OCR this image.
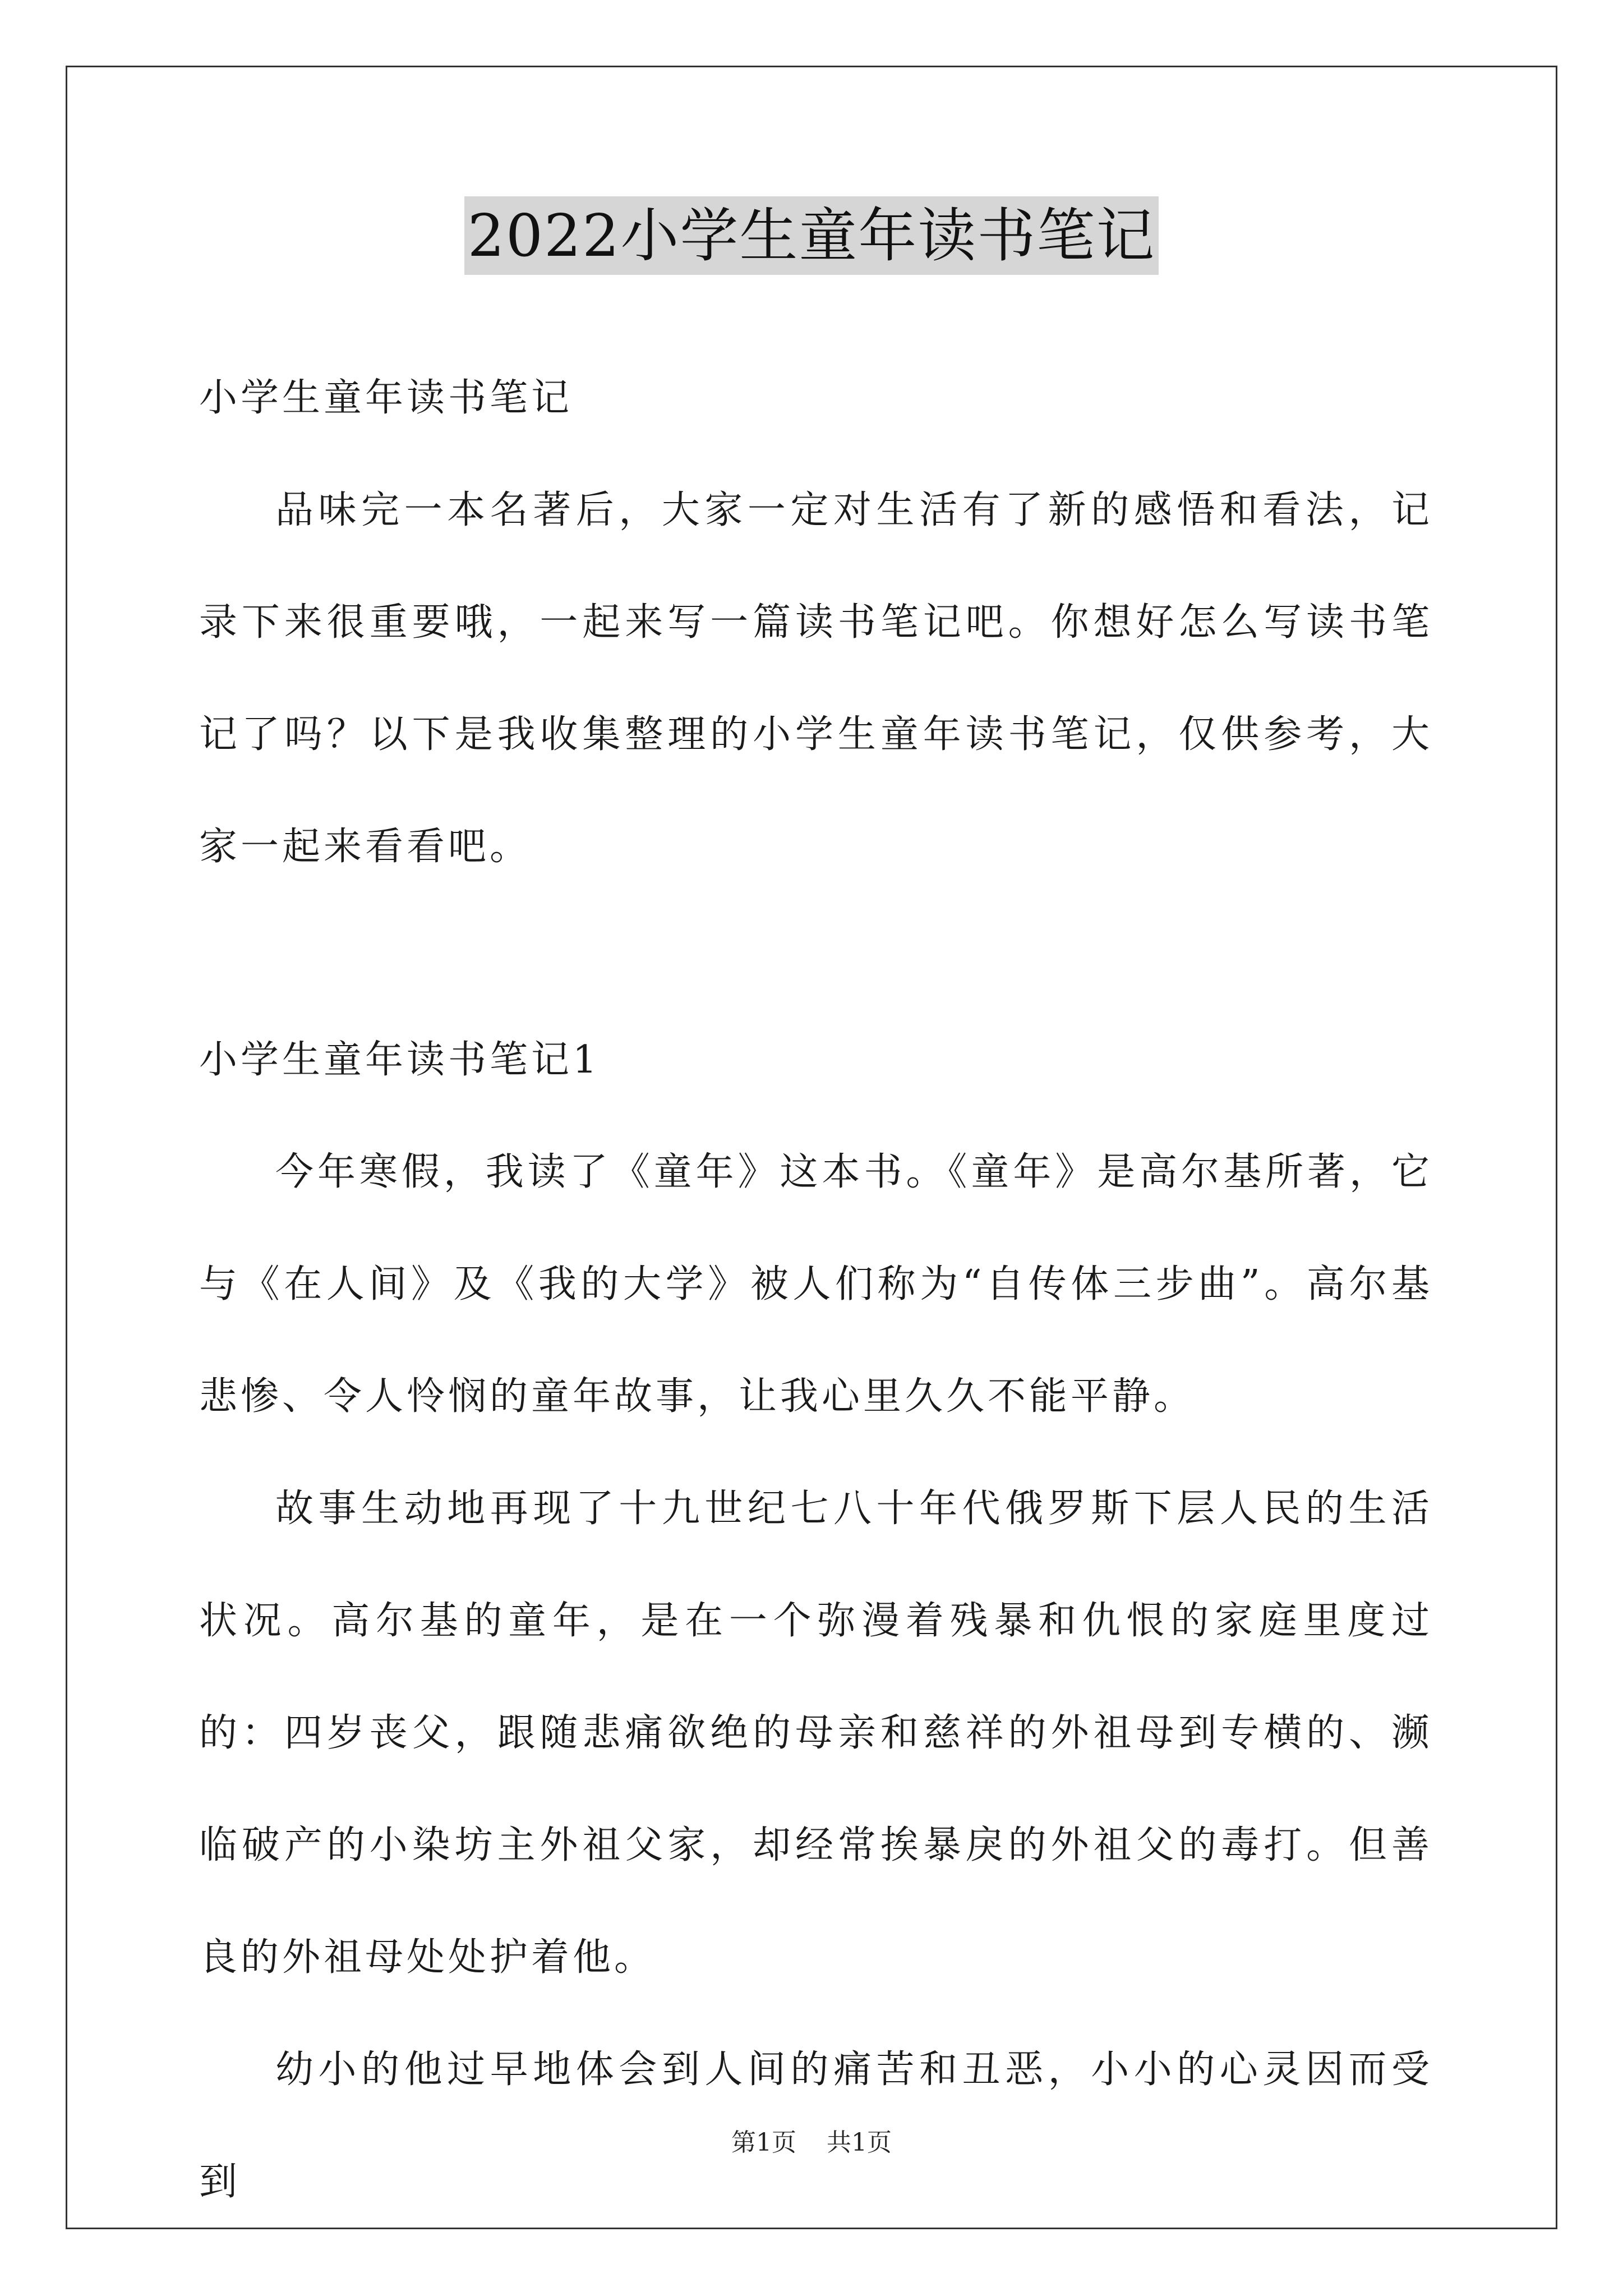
2022小学生童年读书笔记

小学生童年读书笔记

品味完一本名著后，大家一定对生活有了新的感悟和看法，记录下来很重要哦，一起来写一篇读书笔记吧。你想好怎么写读书笔记了吗？以下是我收集整理的小学生童年读书笔记，仅供参考，大家一起来看看吧。

小学生童年读书笔记1

今年寒假，我读了《童年》这本书。《童年》是高尔基所著，它与《在人间》及《我的大学》被人们称为“自传体三步曲”。高尔基悲惨、令人怜悯的童年故事，让我心里久久不能平静。

故事生动地再现了十九世纪七八十年代俄罗斯下层人民的生活状况。高尔基的童年，是在一个弥漫着残暴和仇恨的家庭里度过的：四岁丧父，跟随悲痛欲绝的母亲和慈祥的外祖母到专横的、濒临破产的小染坊主外祖父家，却经常挨暴戾的外祖父的毒打。但善良的外祖母处处护着他。

幼小的他过早地体会到人间的痛苦和丑恶，小小的心灵因而受到

第1页 共1页
